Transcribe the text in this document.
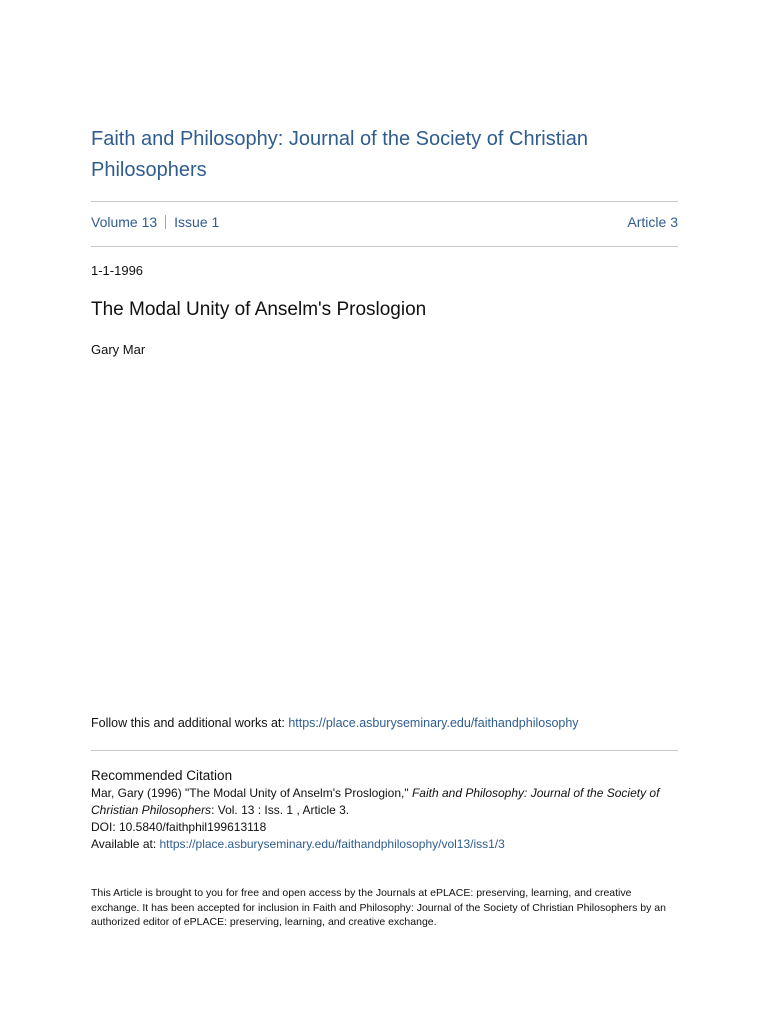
Faith and Philosophy: Journal of the Society of Christian Philosophers
Volume 13 Issue 1	Article 3
1-1-1996
The Modal Unity of Anselm's Proslogion
Gary Mar
Follow this and additional works at: https://place.asburyseminary.edu/faithandphilosophy
Recommended Citation
Mar, Gary (1996) "The Modal Unity of Anselm's Proslogion," Faith and Philosophy: Journal of the Society of Christian Philosophers: Vol. 13 : Iss. 1 , Article 3.
DOI: 10.5840/faithphil199613118
Available at: https://place.asburyseminary.edu/faithandphilosophy/vol13/iss1/3
This Article is brought to you for free and open access by the Journals at ePLACE: preserving, learning, and creative exchange. It has been accepted for inclusion in Faith and Philosophy: Journal of the Society of Christian Philosophers by an authorized editor of ePLACE: preserving, learning, and creative exchange.
